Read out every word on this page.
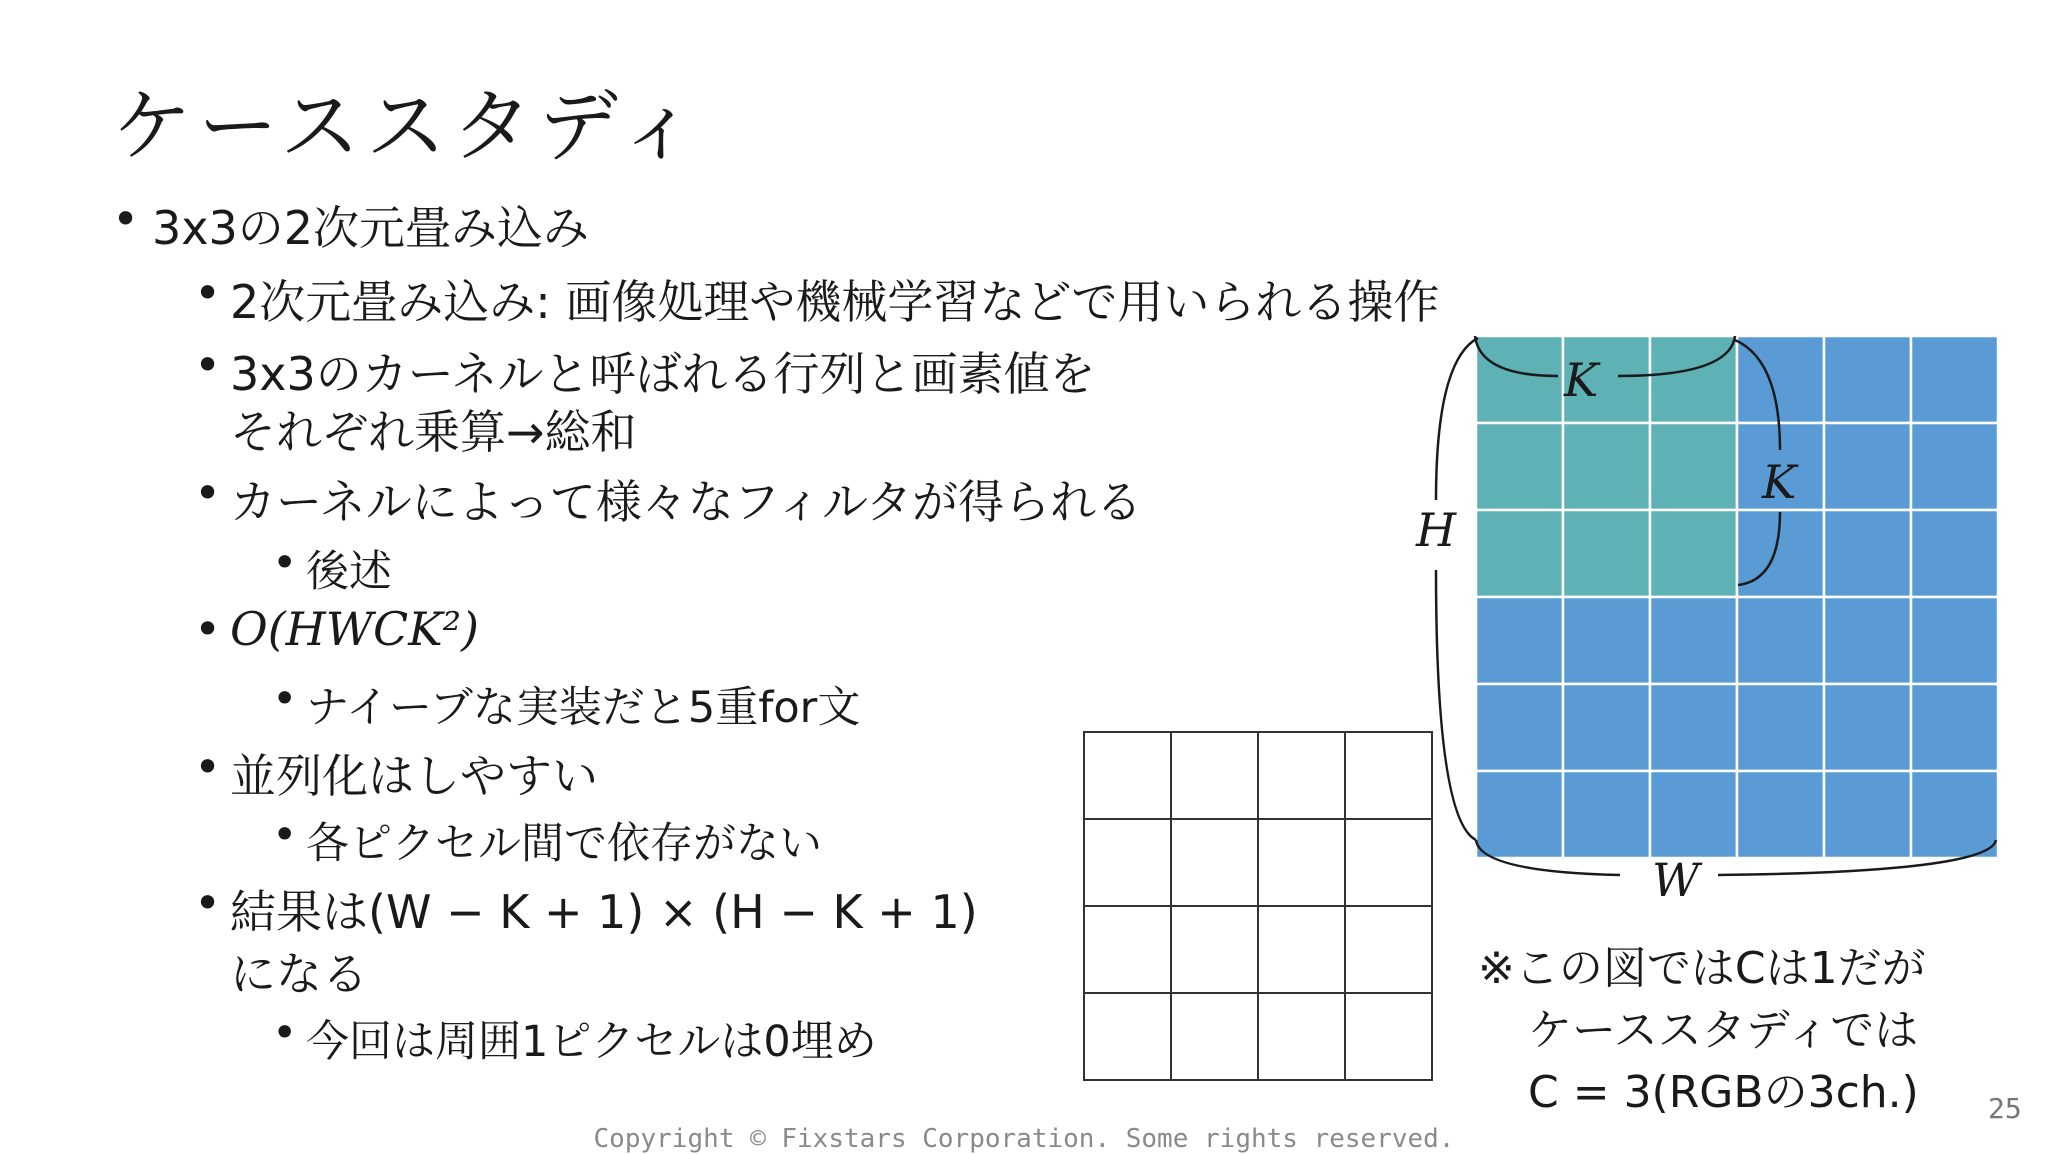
ケーススタディ
• 3x3の2次元畳み込み
• 2次元畳み込み: 画像処理や機械学習などで用いられる操作
• 3x3のカーネルと呼ばれる行列と画素値を
それぞれ乗算→総和
• カーネルによって様々なフィルタが得られる
• 後述
• O(HWCK²)
• ナイーブな実装だと5重for文
• 並列化はしやすい
• 各ピクセル間で依存がない
• 結果は(W − K + 1) × (H − K + 1)
になる
• 今回は周囲1ピクセルは0埋め
K
K
H
W
※この図ではCは1だが
ケーススタディでは
C = 3(RGBの3ch.) 25
Copyright © Fixstars Corporation. Some rights reserved.
